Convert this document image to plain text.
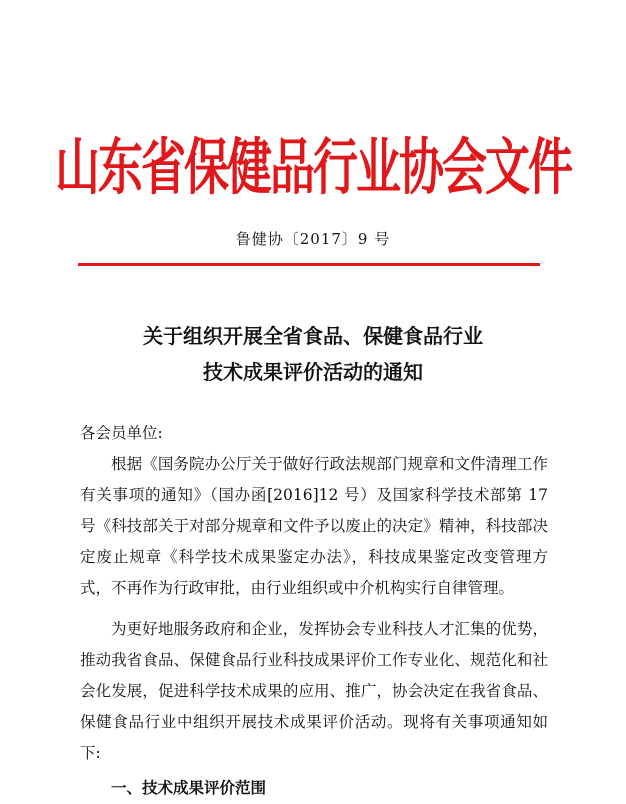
山东省保健品行业协会文件
鲁健协〔2017〕9 号
关于组织开展全省食品、保健食品行业
技术成果评价活动的通知

各会员单位:

根据《国务院办公厅关于做好行政法规部门规章和文件清理工作有关事项的通知》（国办函[2016]12 号）及国家科学技术部第 17 号《科技部关于对部分规章和文件予以废止的决定》精神，科技部决定废止规章《科学技术成果鉴定办法》，科技成果鉴定改变管理方式，不再作为行政审批，由行业组织或中介机构实行自律管理。

为更好地服务政府和企业，发挥协会专业科技人才汇集的优势，推动我省食品、保健食品行业科技成果评价工作专业化、规范化和社会化发展，促进科学技术成果的应用、推广，协会决定在我省食品、保健食品行业中组织开展技术成果评价活动。现将有关事项通知如下:

一、技术成果评价范围
